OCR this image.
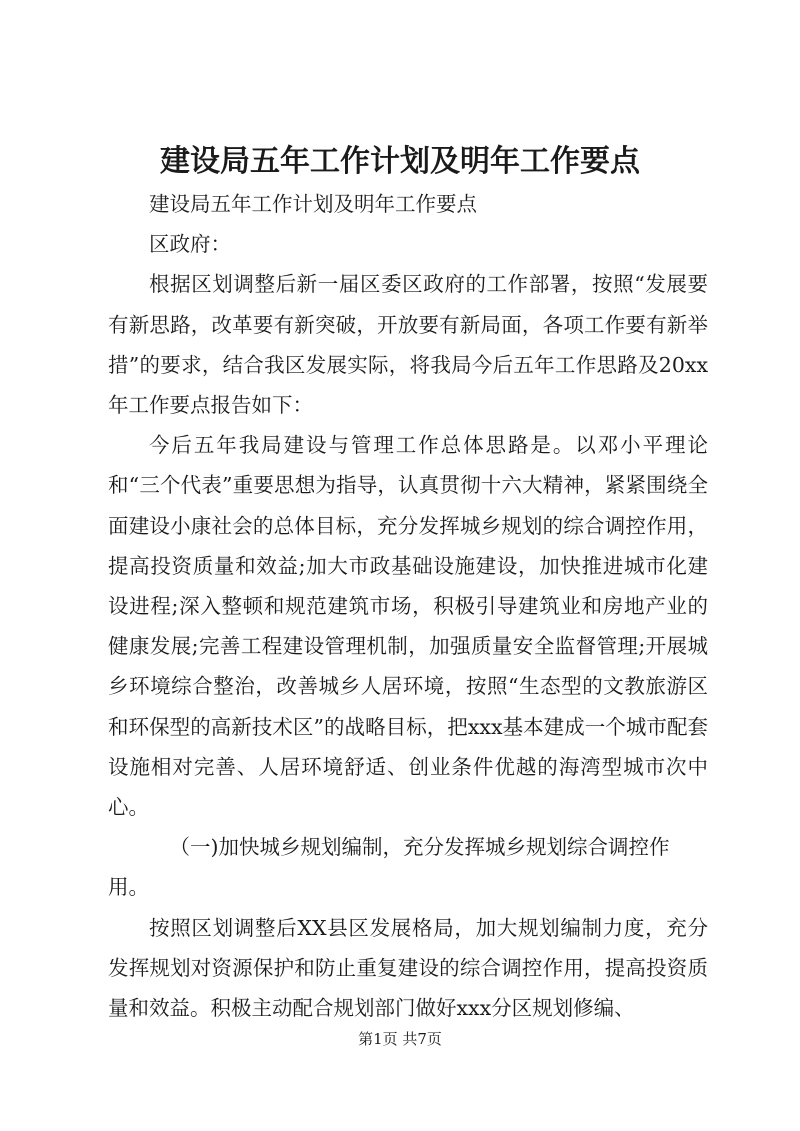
建设局五年工作计划及明年工作要点

建设局五年工作计划及明年工作要点

区政府：

根据区划调整后新一届区委区政府的工作部署，按照“发展要有新思路，改革要有新突破，开放要有新局面，各项工作要有新举措”的要求，结合我区发展实际，将我局今后五年工作思路及20xx年工作要点报告如下：

今后五年我局建设与管理工作总体思路是。以邓小平理论和“三个代表”重要思想为指导，认真贯彻十六大精神，紧紧围绕全面建设小康社会的总体目标，充分发挥城乡规划的综合调控作用，提高投资质量和效益;加大市政基础设施建设，加快推进城市化建设进程;深入整顿和规范建筑市场，积极引导建筑业和房地产业的健康发展;完善工程建设管理机制，加强质量安全监督管理;开展城乡环境综合整治，改善城乡人居环境，按照“生态型的文教旅游区和环保型的高新技术区”的战略目标，把xxx基本建成一个城市配套设施相对完善、人居环境舒适、创业条件优越的海湾型城市次中心。

（一)加快城乡规划编制，充分发挥城乡规划综合调控作用。

按照区划调整后XX县区发展格局，加大规划编制力度，充分发挥规划对资源保护和防止重复建设的综合调控作用，提高投资质量和效益。积极主动配合规划部门做好xxx分区规划修编、

第1页 共7页
